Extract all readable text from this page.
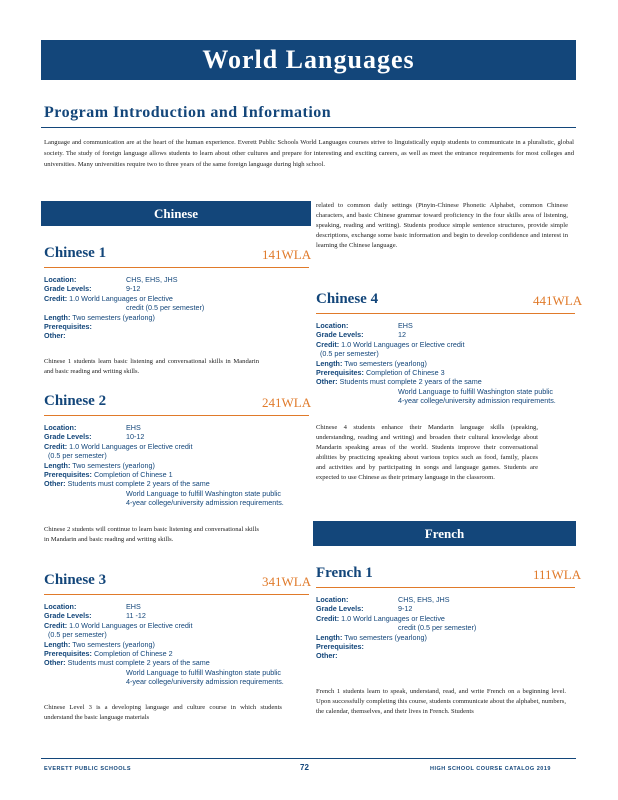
World Languages
Program Introduction and Information
Language and communication are at the heart of the human experience. Everett Public Schools World Languages courses strive to linguistically equip students to communicate in a pluralistic, global society. The study of foreign language allows students to learn about other cultures and prepare for interesting and exciting careers, as well as meet the entrance requirements for most colleges and universities. Many universities require two to three years of the same foreign language during high school.
Chinese
Chinese 1	141WLA
Location:	CHS, EHS, JHS
Grade Levels:	9-12
Credit: 1.0 World Languages or Elective
credit (0.5 per semester)
Length: Two semesters (yearlong)
Prerequisites:
Other:
Chinese 1 students learn basic listening and conversational skills in Mandarin and basic reading and writing skills.
Chinese 2	241WLA
Location:	EHS
Grade Levels:	10-12
Credit: 1.0 World Languages or Elective credit
(0.5 per semester)
Length: Two semesters (yearlong)
Prerequisites: Completion of Chinese 1
Other: Students must complete 2 years of the same
World Language to fulfill Washington state public
4-year college/university admission requirements.
Chinese 2 students will continue to learn basic listening and conversational skills in Mandarin and basic reading and writing skills.
Chinese 3	341WLA
Location:	EHS
Grade Levels:	11 -12
Credit: 1.0 World Languages or Elective credit
(0.5 per semester)
Length: Two semesters (yearlong)
Prerequisites: Completion of Chinese 2
Other: Students must complete 2 years of the same
World Language to fulfill Washington state public
4-year college/university admission requirements.
Chinese Level 3 is a developing language and culture course in which students understand the basic language materials
related to common daily settings (Pinyin-Chinese Phonetic Alphabet, common Chinese characters, and basic Chinese grammar toward proficiency in the four skills area of listening, speaking, reading and writing). Students produce simple sentence structures, provide simple descriptions, exchange some basic information and begin to develop confidence and interest in learning the Chinese language.
Chinese 4	441WLA
Location:	EHS
Grade Levels:	12
Credit: 1.0 World Languages or Elective credit
(0.5 per semester)
Length: Two semesters (yearlong)
Prerequisites: Completion of Chinese 3
Other: Students must complete 2 years of the same
World Language to fulfill Washington state public
4-year college/university admission requirements.
Chinese 4 students enhance their Mandarin language skills (speaking, understanding, reading and writing) and broaden their cultural knowledge about Mandarin speaking areas of the world. Students improve their conversational abilities by practicing speaking about various topics such as food, family, places and activities and by participating in songs and language games. Students are expected to use Chinese as their primary language in the classroom.
French
French 1	111WLA
Location:	CHS, EHS, JHS
Grade Levels:	9-12
Credit: 1.0 World Languages or Elective
credit (0.5 per semester)
Length: Two semesters (yearlong)
Prerequisites:
Other:
French 1 students learn to speak, understand, read, and write French on a beginning level. Upon successfully completing this course, students communicate about the alphabet, numbers, the calendar, themselves, and their lives in French. Students
EVERETT PUBLIC SCHOOLS	72	HIGH SCHOOL COURSE CATALOG 2019
